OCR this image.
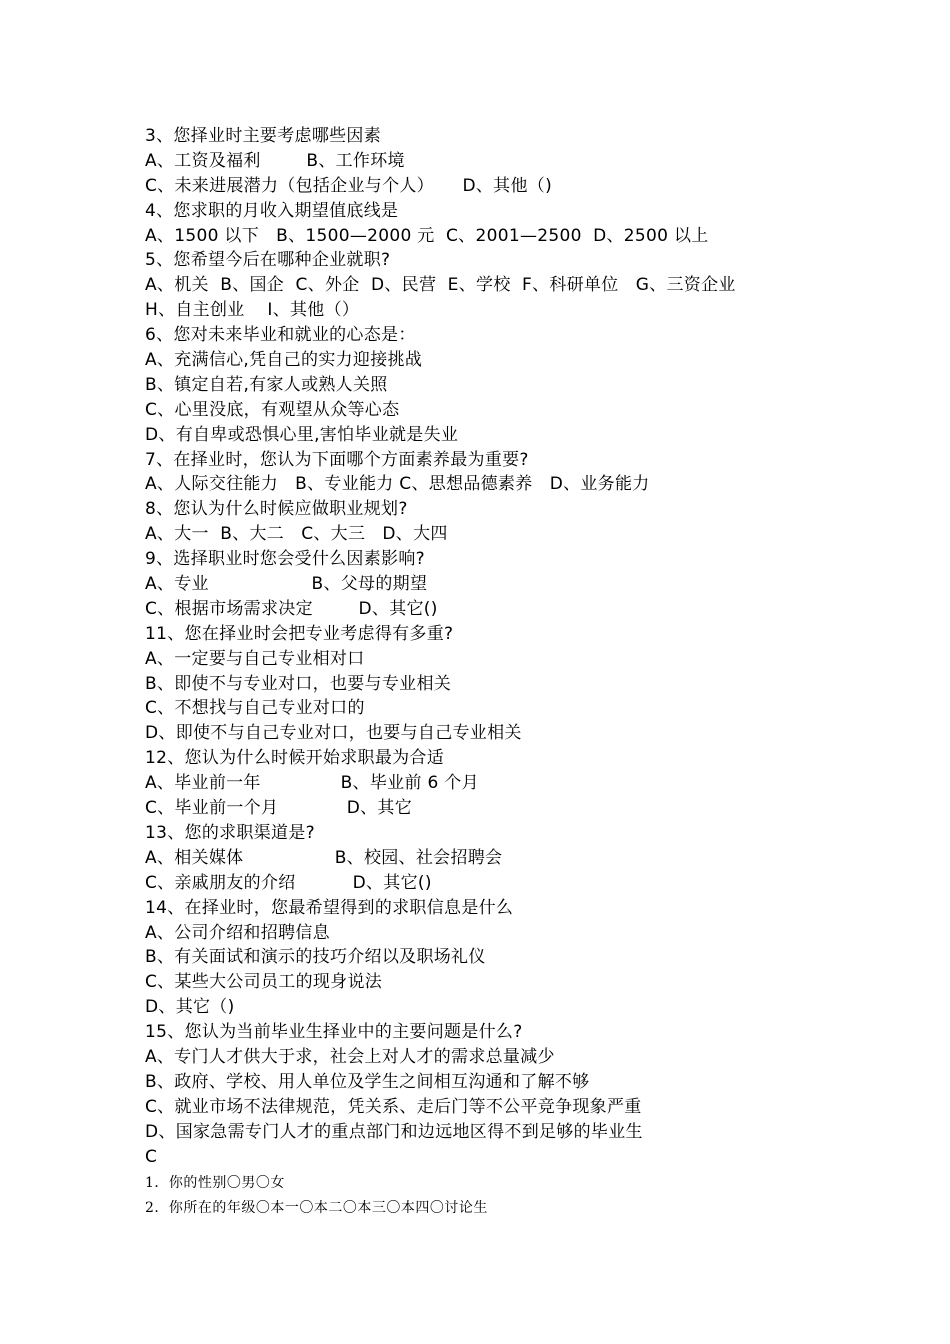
3、您择业时主要考虑哪些因素
A、工资及福利        B、工作环境
C、未来进展潜力（包括企业与个人）     D、其他（)
4、您求职的月收入期望值底线是
A、1500 以下   B、1500—2000 元  C、2001—2500  D、2500 以上
5、您希望今后在哪种企业就职?
A、机关  B、国企  C、外企  D、民营  E、学校  F、科研单位   G、三资企业
H、自主创业    I、其他（）
6、您对未来毕业和就业的心态是：
A、充满信心,凭自己的实力迎接挑战
B、镇定自若,有家人或熟人关照
C、心里没底，有观望从众等心态
D、有自卑或恐惧心里,害怕毕业就是失业
7、在择业时，您认为下面哪个方面素养最为重要?
A、人际交往能力   B、专业能力 C、思想品德素养   D、业务能力
8、您认为什么时候应做职业规划?
A、大一  B、大二   C、大三   D、大四
9、选择职业时您会受什么因素影响?
A、专业                  B、父母的期望
C、根据市场需求决定        D、其它()
11、您在择业时会把专业考虑得有多重?
A、一定要与自己专业相对口
B、即使不与专业对口，也要与专业相关
C、不想找与自己专业对口的
D、即使不与自己专业对口，也要与自己专业相关
12、您认为什么时候开始求职最为合适
A、毕业前一年              B、毕业前 6 个月
C、毕业前一个月            D、其它
13、您的求职渠道是?
A、相关媒体                B、校园、社会招聘会
C、亲戚朋友的介绍          D、其它()
14、在择业时，您最希望得到的求职信息是什么
A、公司介绍和招聘信息
B、有关面试和演示的技巧介绍以及职场礼仪
C、某些大公司员工的现身说法
D、其它（)
15、您认为当前毕业生择业中的主要问题是什么?
A、专门人才供大于求，社会上对人才的需求总量减少
B、政府、学校、用人单位及学生之间相互沟通和了解不够
C、就业市场不法律规范，凭关系、走后门等不公平竞争现象严重
D、国家急需专门人才的重点部门和边远地区得不到足够的毕业生
C
1．你的性别〇男〇女
2．你所在的年级〇本一〇本二〇本三〇本四〇讨论生
